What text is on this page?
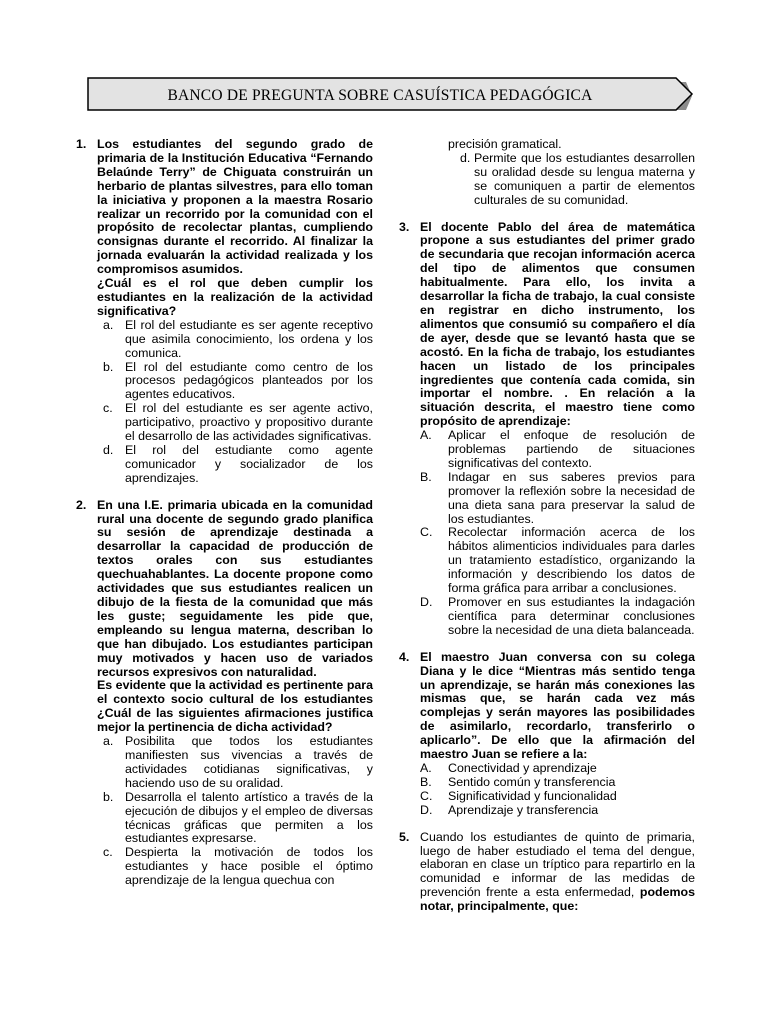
BANCO DE PREGUNTA SOBRE CASUÍSTICA PEDAGÓGICA
1. Los estudiantes del segundo grado de primaria de la Institución Educativa “Fernando Belaúnde Terry” de Chiguata construirán un herbario de plantas silvestres, para ello toman la iniciativa y proponen a la maestra Rosario realizar un recorrido por la comunidad con el propósito de recolectar plantas, cumpliendo consignas durante el recorrido. Al finalizar la jornada evaluarán la actividad realizada y los compromisos asumidos.

¿Cuál es el rol que deben cumplir los estudiantes en la realización de la actividad significativa?

a. El rol del estudiante es ser agente receptivo que asimila conocimiento, los ordena y los comunica.
b. El rol del estudiante como centro de los procesos pedagógicos planteados por los agentes educativos.
c. El rol del estudiante es ser agente activo, participativo, proactivo y propositivo durante el desarrollo de las actividades significativas.
d. El rol del estudiante como agente comunicador y socializador de los aprendizajes.
2. En una I.E. primaria ubicada en la comunidad rural una docente de segundo grado planifica su sesión de aprendizaje destinada a desarrollar la capacidad de producción de textos orales con sus estudiantes quechuahablantes. La docente propone como actividades que sus estudiantes realicen un dibujo de la fiesta de la comunidad que más les guste; seguidamente les pide que, empleando su lengua materna, describan lo que han dibujado. Los estudiantes participan muy motivados y hacen uso de variados recursos expresivos con naturalidad.

Es evidente que la actividad es pertinente para el contexto socio cultural de los estudiantes ¿Cuál de las siguientes afirmaciones justifica mejor la pertinencia de dicha actividad?

a. Posibilita que todos los estudiantes manifiesten sus vivencias a través de actividades cotidianas significativas, y haciendo uso de su oralidad.
b. Desarrolla el talento artístico a través de la ejecución de dibujos y el empleo de diversas técnicas gráficas que permiten a los estudiantes expresarse.
c. Despierta la motivación de todos los estudiantes y hace posible el óptimo aprendizaje de la lengua quechua con
precisión gramatical.
d. Permite que los estudiantes desarrollen su oralidad desde su lengua materna y se comuniquen a partir de elementos culturales de su comunidad.
3. El docente Pablo del área de matemática propone a sus estudiantes del primer grado de secundaria que recojan información acerca del tipo de alimentos que consumen habitualmente. Para ello, los invita a desarrollar la ficha de trabajo, la cual consiste en registrar en dicho instrumento, los alimentos que consumió su compañero el día de ayer, desde que se levantó hasta que se acostó. En la ficha de trabajo, los estudiantes hacen un listado de los principales ingredientes que contenía cada comida, sin importar el nombre. . En relación a la situación descrita, el maestro tiene como propósito de aprendizaje:

A. Aplicar el enfoque de resolución de problemas partiendo de situaciones significativas del contexto.
B. Indagar en sus saberes previos para promover la reflexión sobre la necesidad de una dieta sana para preservar la salud de los estudiantes.
C. Recolectar información acerca de los hábitos alimenticios individuales para darles un tratamiento estadístico, organizando la información y describiendo los datos de forma gráfica para arribar a conclusiones.
D. Promover en sus estudiantes la indagación científica para determinar conclusiones sobre la necesidad de una dieta balanceada.
4. El maestro Juan conversa con su colega Diana y le dice “Mientras más sentido tenga un aprendizaje, se harán más conexiones las mismas que, se harán cada vez más complejas y serán mayores las posibilidades de asimilarlo, recordarlo, transferirlo o aplicarlo”. De ello que la afirmación del maestro Juan se refiere a la:

A. Conectividad y aprendizaje
B. Sentido común y transferencia
C. Significatividad y funcionalidad
D. Aprendizaje y transferencia
5. Cuando los estudiantes de quinto de primaria, luego de haber estudiado el tema del dengue, elaboran en clase un tríptico para repartirlo en la comunidad e informar de las medidas de prevención frente a esta enfermedad, podemos notar, principalmente, que:
